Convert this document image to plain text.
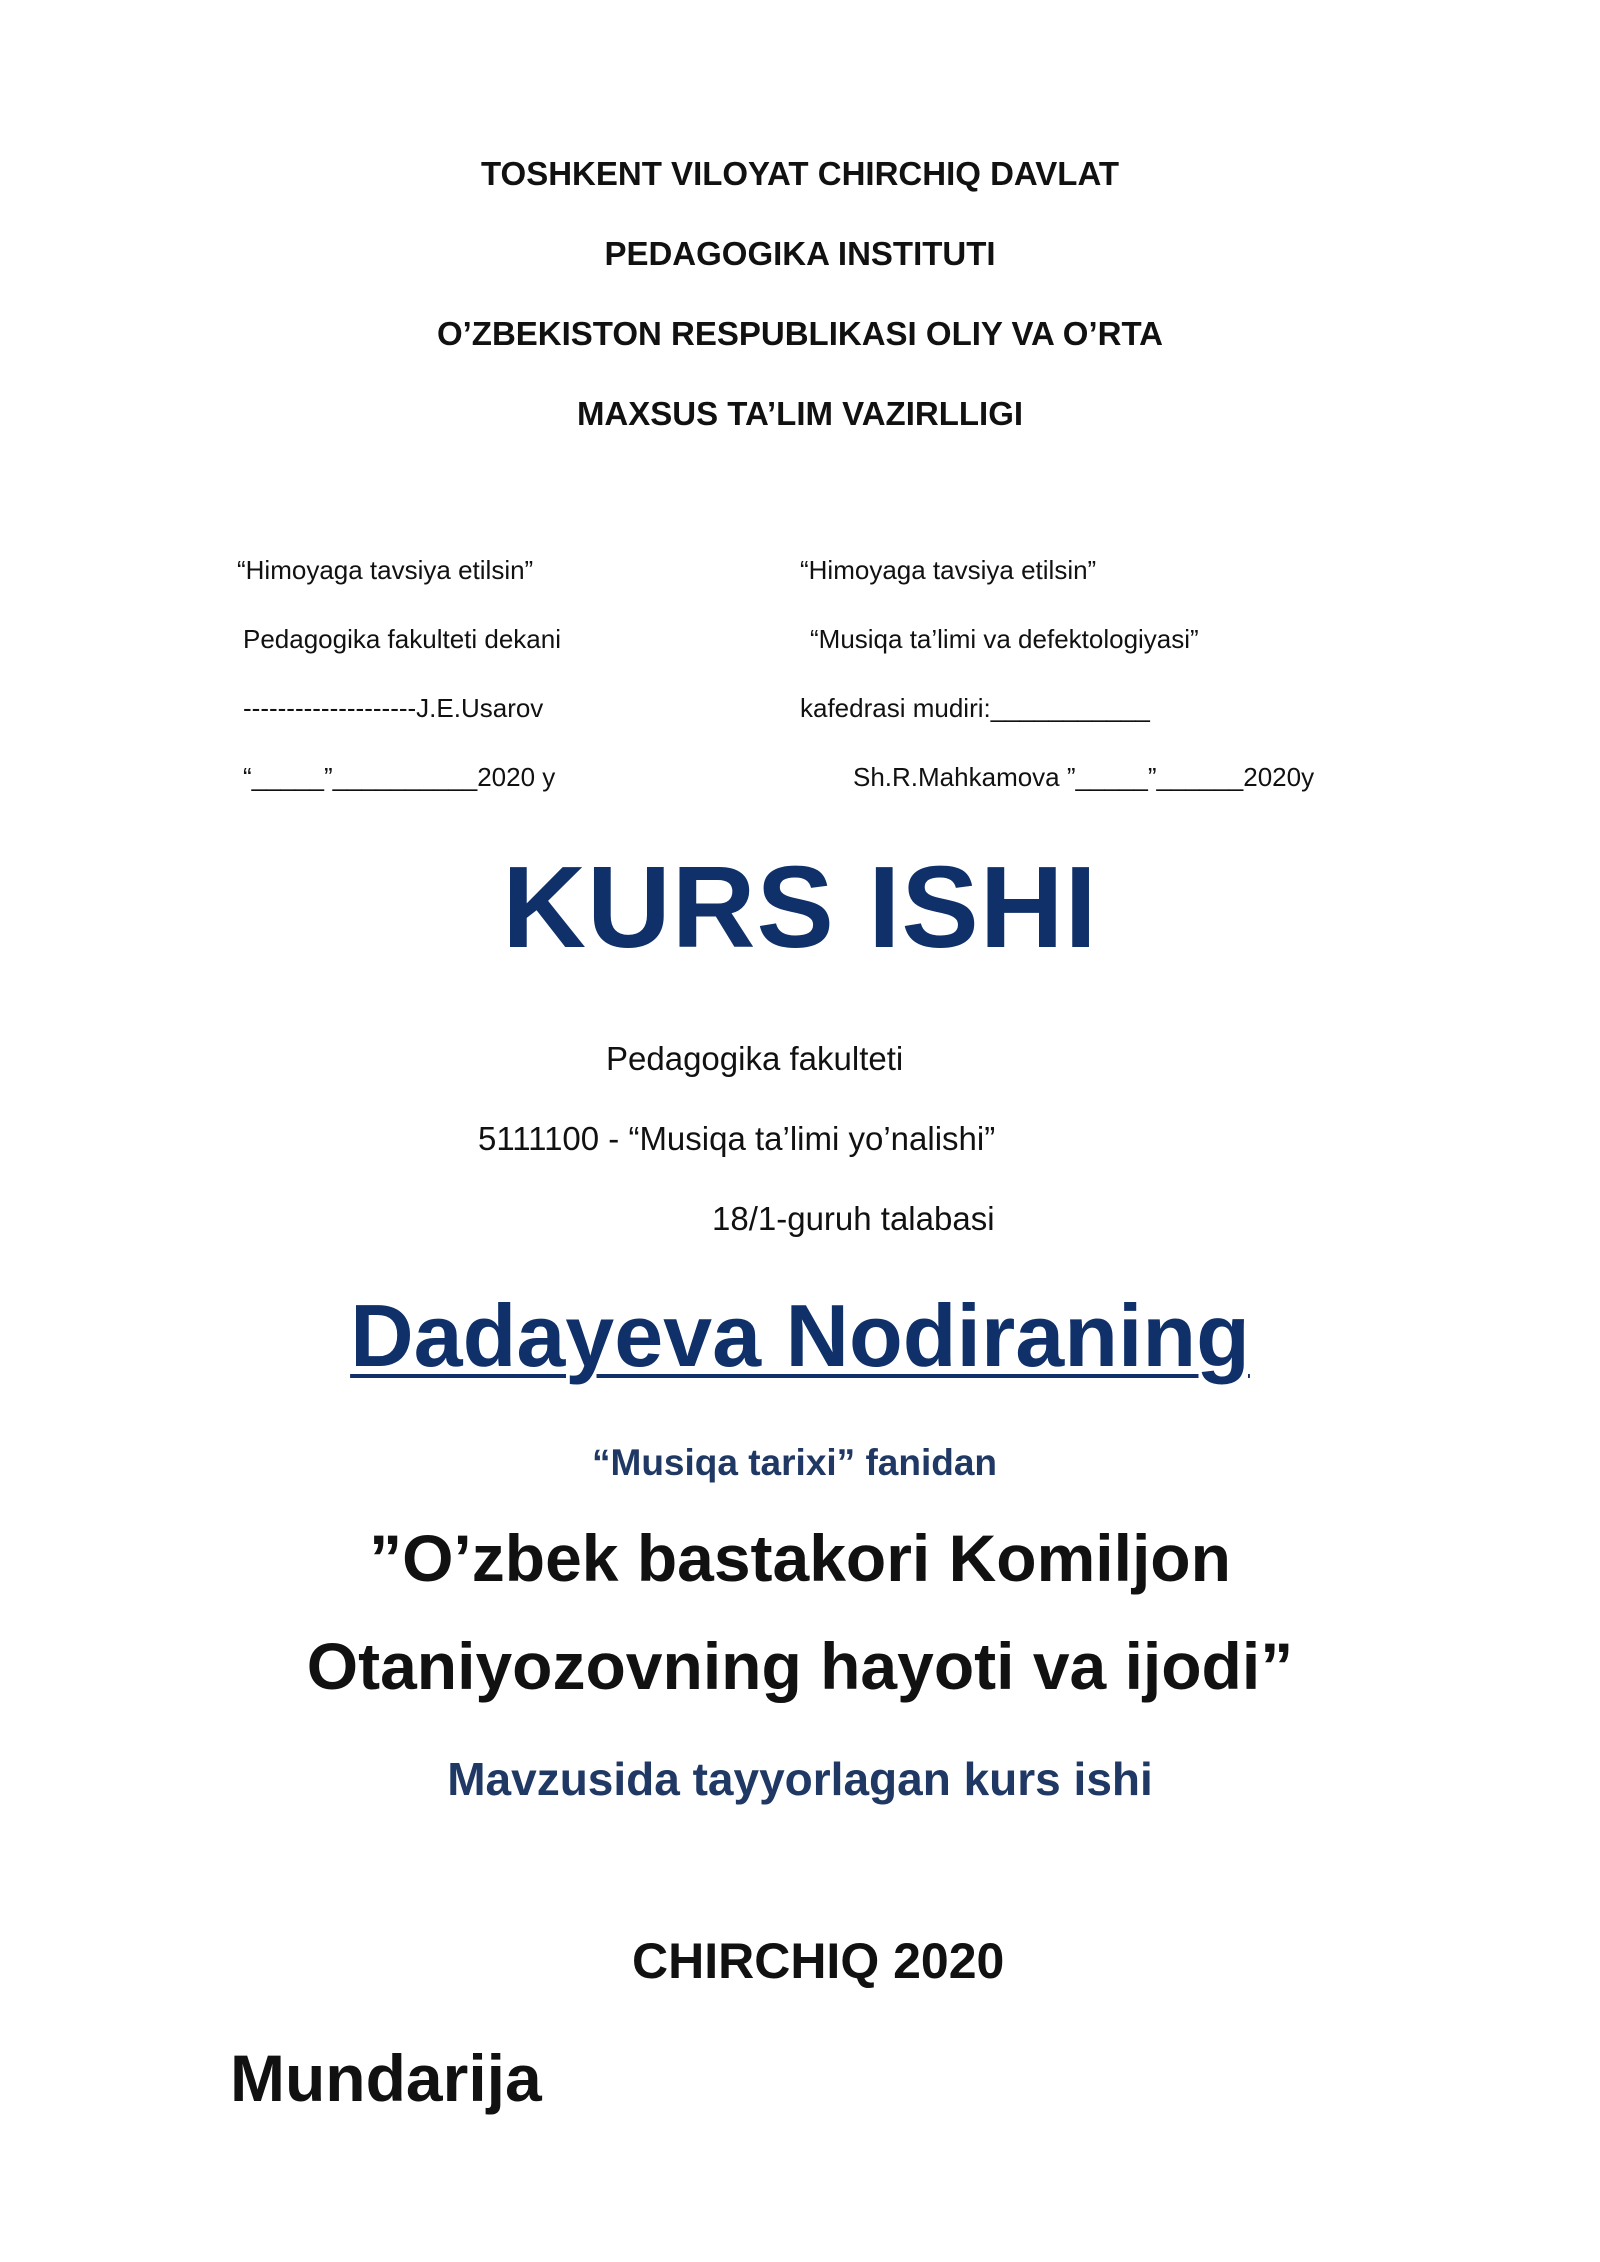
TOSHKENT VILOYAT CHIRCHIQ DAVLAT
PEDAGOGIKA INSTITUTI
O’ZBEKISTON RESPUBLIKASI OLIY VA O’RTA
MAXSUS TA’LIM VAZIRLLIGI
“Himoyaga tavsiya etilsin”
Pedagogika fakulteti dekani
--------------------J.E.Usarov
“_____”__________2020 y
“Himoyaga tavsiya etilsin”
“Musiqa ta’limi va defektologiyasi”
kafedrasi mudiri:___________
Sh.R.Mahkamova ”_____”______2020y
KURS ISHI
Pedagogika fakulteti
5111100 - “Musiqa ta’limi yo’nalishi”
18/1-guruh talabasi
Dadayeva Nodiraning
“Musiqa tarixi” fanidan
”O’zbek bastakori Komiljon
Otaniyozovning hayoti va ijodi”
Mavzusida tayyorlagan kurs ishi
CHIRCHIQ 2020
Mundarija
